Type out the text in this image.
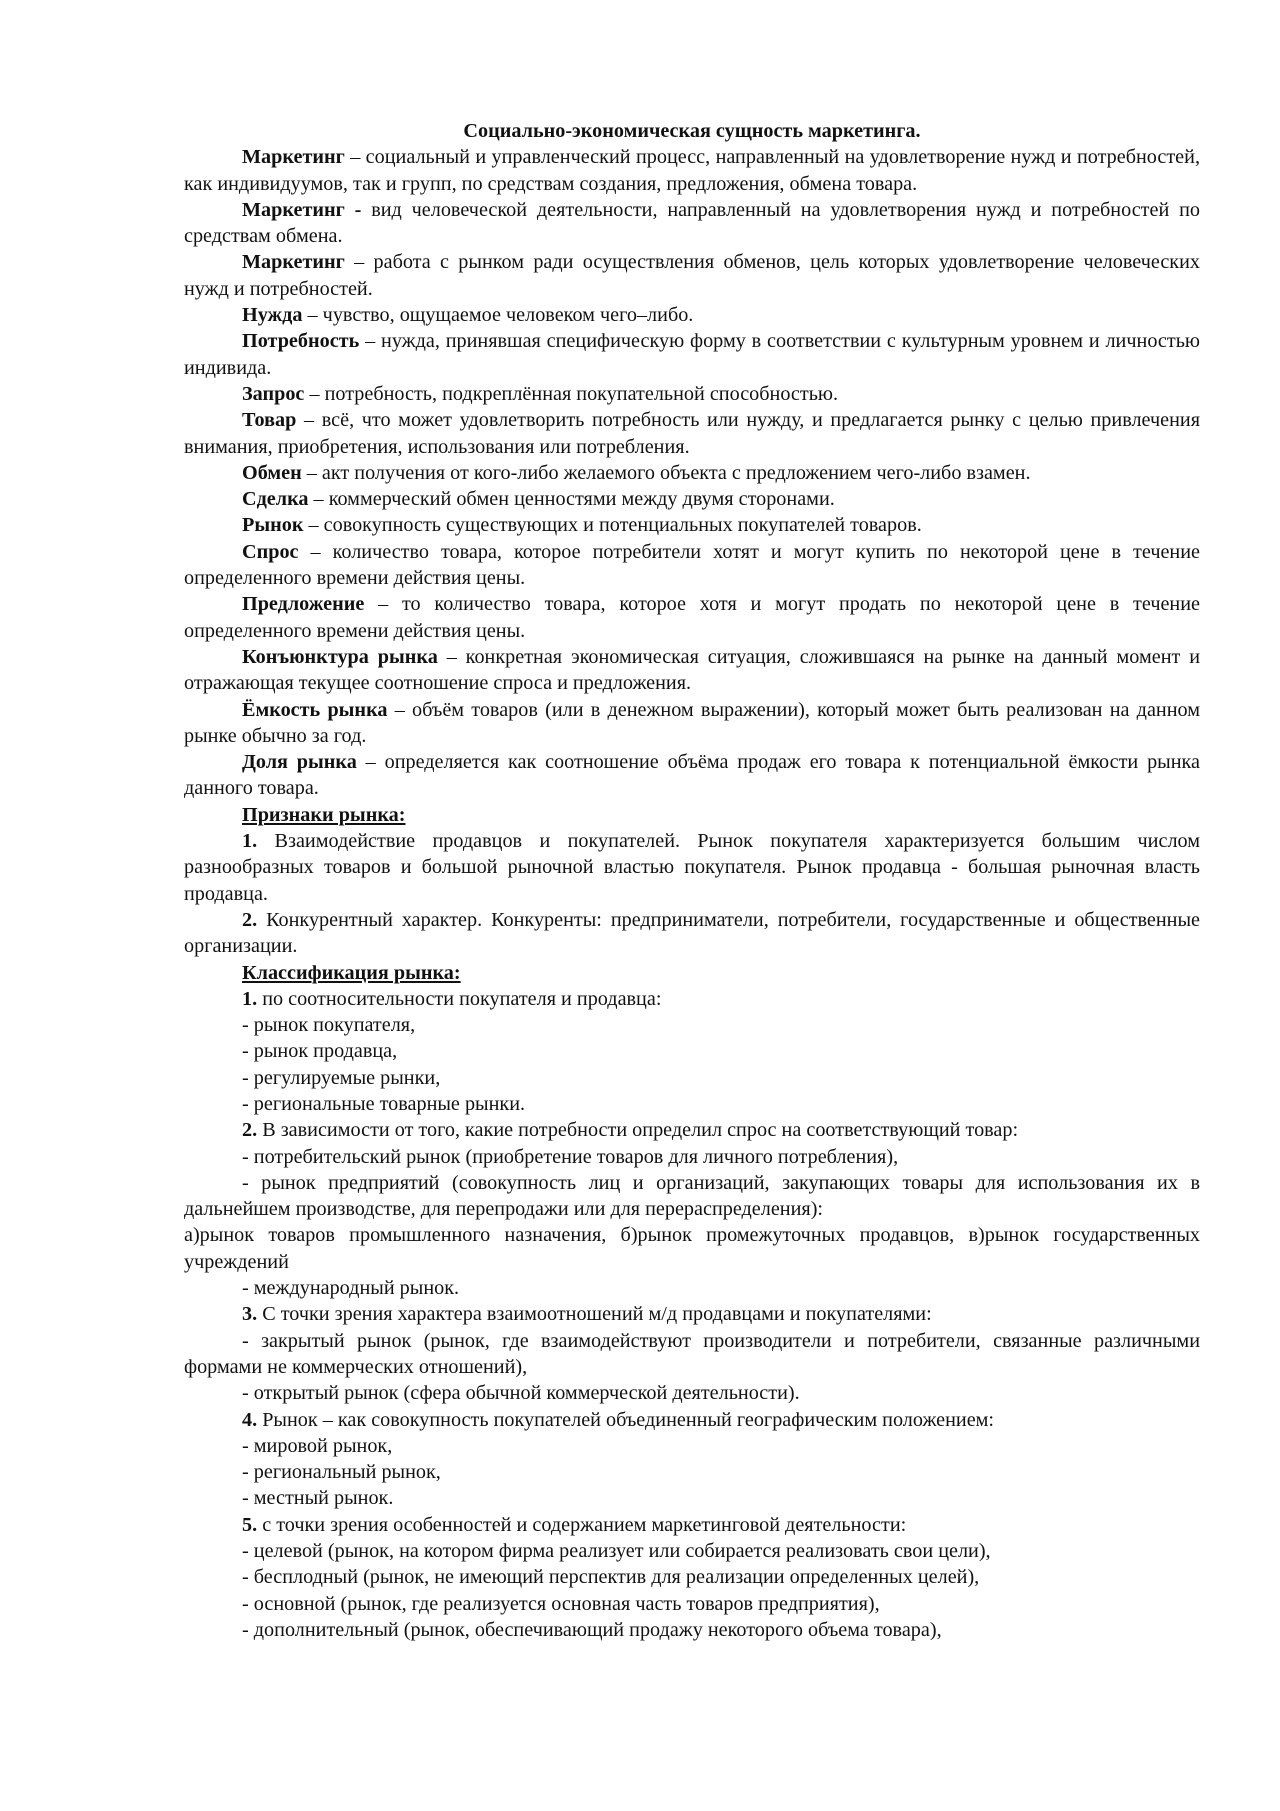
Социально-экономическая сущность маркетинга.

Маркетинг – социальный и управленческий процесс, направленный на удовлетворение нужд и потребностей, как индивидуумов, так и групп, по средствам создания, предложения, обмена товара.

Маркетинг - вид человеческой деятельности, направленный на удовлетворения нужд и потребностей по средствам обмена.

Маркетинг – работа с рынком ради осуществления обменов, цель которых удовлетворение человеческих нужд и потребностей.

Нужда – чувство, ощущаемое человеком чего–либо.

Потребность – нужда, принявшая специфическую форму в соответствии с культурным уровнем и личностью индивида.

Запрос – потребность, подкреплённая покупательной способностью.

Товар – всё, что может удовлетворить потребность или нужду, и предлагается рынку с целью привлечения внимания, приобретения, использования или потребления.

Обмен – акт получения от кого-либо желаемого объекта с предложением чего-либо взамен.

Сделка – коммерческий обмен ценностями между двумя сторонами.

Рынок – совокупность существующих и потенциальных покупателей товаров.

Спрос – количество товара, которое потребители хотят и могут купить по некоторой цене в течение определенного времени действия цены.

Предложение – то количество товара, которое хотя и могут продать по некоторой цене в течение определенного времени действия цены.

Конъюнктура рынка – конкретная экономическая ситуация, сложившаяся на рынке на данный момент и отражающая текущее соотношение спроса и предложения.

Ёмкость рынка – объём товаров (или в денежном выражении), который может быть реализован на данном рынке обычно за год.

Доля рынка – определяется как соотношение объёма продаж его товара к потенциальной ёмкости рынка данного товара.

Признаки рынка:

1. Взаимодействие продавцов и покупателей. Рынок покупателя характеризуется большим числом разнообразных товаров и большой рыночной властью покупателя. Рынок продавца - большая рыночная власть продавца.

2. Конкурентный характер. Конкуренты: предприниматели, потребители, государственные и общественные организации.

Классификация рынка:

1. по соотносительности покупателя и продавца:

- рынок покупателя,

- рынок продавца,

- регулируемые рынки,

- региональные товарные рынки.

2. В зависимости от того, какие потребности определил спрос на соответствующий товар:

- потребительский рынок (приобретение товаров для личного потребления),

- рынок предприятий (совокупность лиц и организаций, закупающих товары для использования их в дальнейшем производстве, для перепродажи или для перераспределения):

а)рынок товаров промышленного назначения, б)рынок промежуточных продавцов, в)рынок государственных учреждений

- международный рынок.

3. С точки зрения характера взаимоотношений м/д продавцами и покупателями:

- закрытый рынок (рынок, где взаимодействуют производители и потребители, связанные различными формами не коммерческих отношений),

- открытый рынок (сфера обычной коммерческой деятельности).

4. Рынок – как совокупность покупателей объединенный географическим положением:

- мировой рынок,

- региональный рынок,

- местный рынок.

5. с точки зрения особенностей и содержанием маркетинговой деятельности:

- целевой (рынок, на котором фирма реализует или собирается реализовать свои цели),

- бесплодный (рынок, не имеющий перспектив для реализации определенных целей),

- основной (рынок, где реализуется основная часть товаров предприятия),

- дополнительный (рынок, обеспечивающий продажу некоторого объема товара),
